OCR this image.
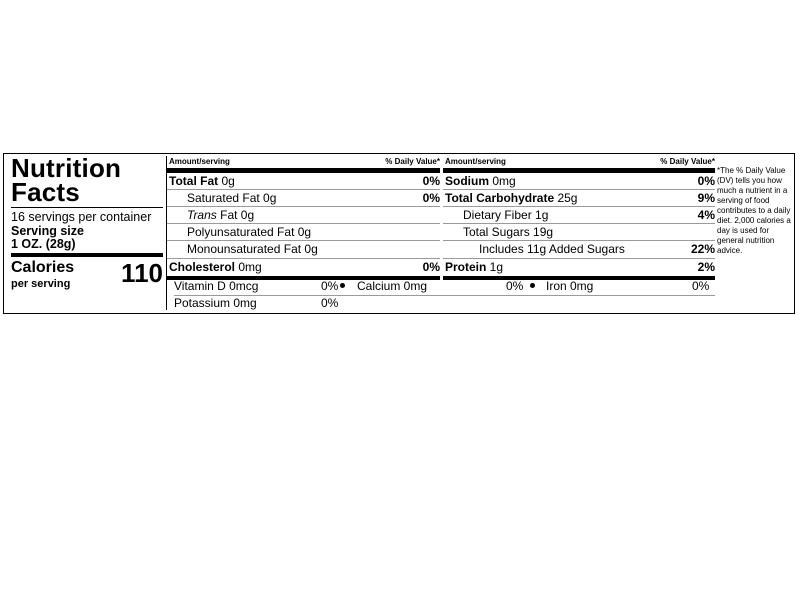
Nutrition
Facts
16 servings per container
Serving size
1 OZ. (28g)
Calories
per serving 110
Amount/serving	% Daily Value*
Total Fat 0g	0%
Saturated Fat 0g	0%
Trans Fat 0g
Polyunsaturated Fat 0g
Monounsaturated Fat 0g
Cholesterol 0mg	0%
Amount/serving	% Daily Value*
Sodium 0mg	0%
Total Carbohydrate 25g	9%
Dietary Fiber 1g	4%
Total Sugars 19g
Includes 11g Added Sugars	22%
Protein 1g	2%
Vitamin D 0mcg	0% Calcium 0mg	0% Iron 0mg	0%
Potassium 0mg	0%
*The % Daily Value (DV) tells you how much a nutrient in a serving of food contributes to a daily diet. 2,000 calories a day is used for general nutrition advice.
